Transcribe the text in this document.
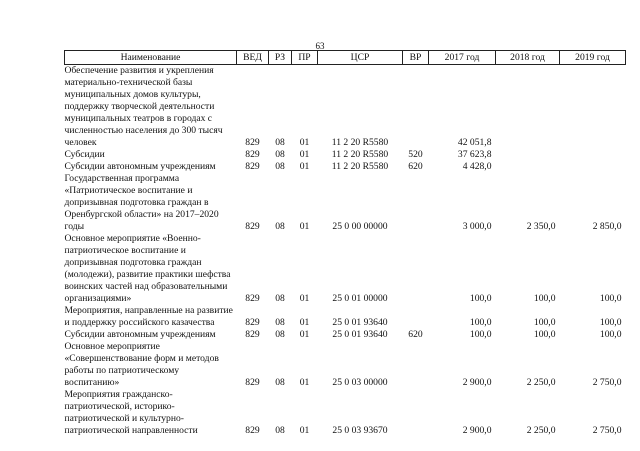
63
Наименование	ВЕД	РЗ	ПР	ЦСР	ВР	2017 год	2018 год	2019 год
Обеспечение развития и укрепления материально-технической базы муниципальных домов культуры, поддержку творческой деятельности муниципальных театров в городах с численностью населения до 300 тысяч человек	829	08	01	11 2 20 R5580		42 051,8		
Субсидии	829	08	01	11 2 20 R5580	520	37 623,8		
Субсидии автономным учреждениям	829	08	01	11 2 20 R5580	620	4 428,0		
Государственная программа «Патриотическое воспитание и допризывная подготовка граждан в Оренбургской области» на 2017–2020 годы	829	08	01	25 0 00 00000		3 000,0	2 350,0	2 850,0
Основное мероприятие «Военно-патриотическое воспитание и допризывная подготовка граждан (молодежи), развитие практики шефства воинских частей над образовательными организациями»	829	08	01	25 0 01 00000		100,0	100,0	100,0
Мероприятия, направленные на развитие и поддержку российского казачества	829	08	01	25 0 01 93640		100,0	100,0	100,0
Субсидии автономным учреждениям	829	08	01	25 0 01 93640	620	100,0	100,0	100,0
Основное мероприятие «Совершенствование форм и методов работы по патриотическому воспитанию»	829	08	01	25 0 03 00000		2 900,0	2 250,0	2 750,0
Мероприятия гражданско-патриотической, историко-патриотической и культурно-патриотической направленности	829	08	01	25 0 03 93670		2 900,0	2 250,0	2 750,0
